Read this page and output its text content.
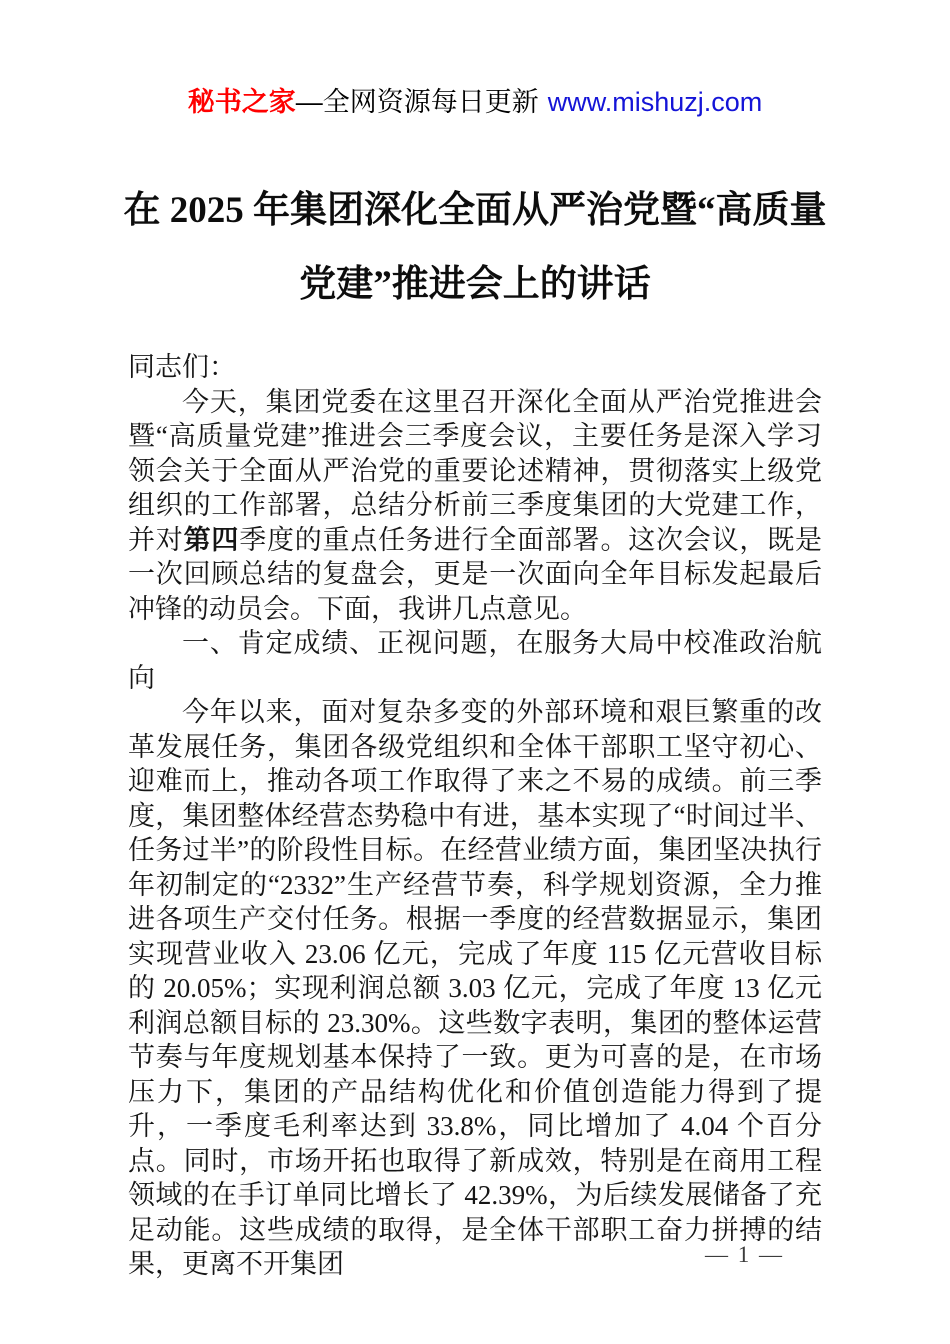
秘书之家—全网资源每日更新 www.mishuzj.com
在 2025 年集团深化全面从严治党暨“高质量
党建”推进会上的讲话

同志们：

今天，集团党委在这里召开深化全面从严治党推进会暨“高质量党建”推进会三季度会议，主要任务是深入学习领会关于全面从严治党的重要论述精神，贯彻落实上级党组织的工作部署，总结分析前三季度集团的大党建工作，并对第四季度的重点任务进行全面部署。这次会议，既是一次回顾总结的复盘会，更是一次面向全年目标发起最后冲锋的动员会。下面，我讲几点意见。

一、肯定成绩、正视问题，在服务大局中校准政治航向

今年以来，面对复杂多变的外部环境和艰巨繁重的改革发展任务，集团各级党组织和全体干部职工坚守初心、迎难而上，推动各项工作取得了来之不易的成绩。前三季度，集团整体经营态势稳中有进，基本实现了“时间过半、任务过半”的阶段性目标。在经营业绩方面，集团坚决执行年初制定的“2332”生产经营节奏，科学规划资源，全力推进各项生产交付任务。根据一季度的经营数据显示，集团实现营业收入 23.06 亿元，完成了年度 115 亿元营收目标的 20.05%；实现利润总额 3.03 亿元，完成了年度 13 亿元利润总额目标的 23.30%。这些数字表明，集团的整体运营节奏与年度规划基本保持了一致。更为可喜的是，在市场压力下，集团的产品结构优化和价值创造能力得到了提升，一季度毛利率达到 33.8%，同比增加了 4.04 个百分点。同时，市场开拓也取得了新成效，特别是在商用工程领域的在手订单同比增长了 42.39%，为后续发展储备了充足动能。这些成绩的取得，是全体干部职工奋力拼搏的结果，更离不开集团	— 1 —
